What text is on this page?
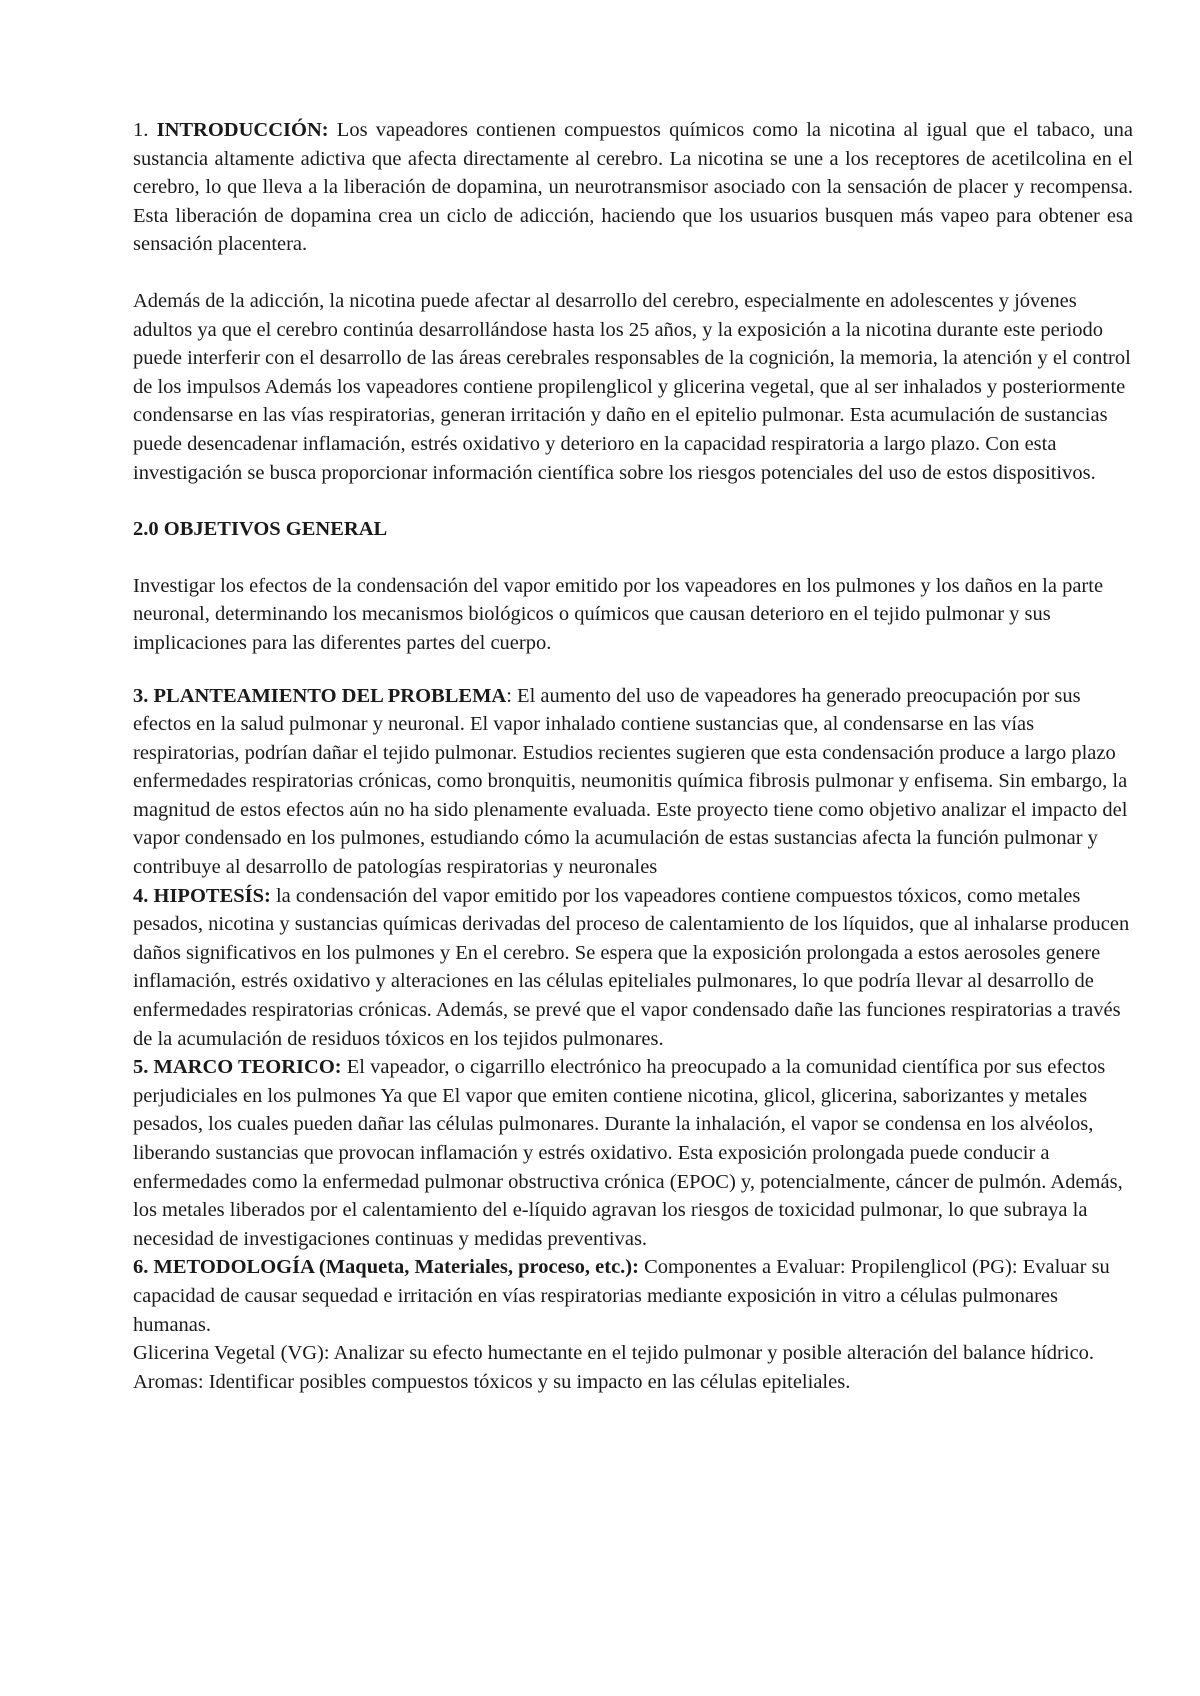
1. INTRODUCCIÓN: Los vapeadores contienen compuestos químicos como la nicotina al igual que el tabaco, una sustancia altamente adictiva que afecta directamente al cerebro. La nicotina se une a los receptores de acetilcolina en el cerebro, lo que lleva a la liberación de dopamina, un neurotransmisor asociado con la sensación de placer y recompensa. Esta liberación de dopamina crea un ciclo de adicción, haciendo que los usuarios busquen más vapeo para obtener esa sensación placentera.

Además de la adicción, la nicotina puede afectar al desarrollo del cerebro, especialmente en adolescentes y jóvenes adultos ya que el cerebro continúa desarrollándose hasta los 25 años, y la exposición a la nicotina durante este periodo puede interferir con el desarrollo de las áreas cerebrales responsables de la cognición, la memoria, la atención y el control de los impulsos Además los vapeadores contiene propilenglicol y glicerina vegetal, que al ser inhalados y posteriormente condensarse en las vías respiratorias, generan irritación y daño en el epitelio pulmonar. Esta acumulación de sustancias puede desencadenar inflamación, estrés oxidativo y deterioro en la capacidad respiratoria a largo plazo. Con esta investigación se busca proporcionar información científica sobre los riesgos potenciales del uso de estos dispositivos.

2.0 OBJETIVOS GENERAL

Investigar los efectos de la condensación del vapor emitido por los vapeadores en los pulmones y los daños en la parte neuronal, determinando los mecanismos biológicos o químicos que causan deterioro en el tejido pulmonar y sus implicaciones para las diferentes partes del cuerpo.

3. PLANTEAMIENTO DEL PROBLEMA: El aumento del uso de vapeadores ha generado preocupación por sus efectos en la salud pulmonar y neuronal. El vapor inhalado contiene sustancias que, al condensarse en las vías respiratorias, podrían dañar el tejido pulmonar. Estudios recientes sugieren que esta condensación produce a largo plazo enfermedades respiratorias crónicas, como bronquitis, neumonitis química fibrosis pulmonar y enfisema. Sin embargo, la magnitud de estos efectos aún no ha sido plenamente evaluada. Este proyecto tiene como objetivo analizar el impacto del vapor condensado en los pulmones, estudiando cómo la acumulación de estas sustancias afecta la función pulmonar y contribuye al desarrollo de patologías respiratorias y neuronales

4. HIPOTESÍS: la condensación del vapor emitido por los vapeadores contiene compuestos tóxicos, como metales pesados, nicotina y sustancias químicas derivadas del proceso de calentamiento de los líquidos, que al inhalarse producen daños significativos en los pulmones y En el cerebro. Se espera que la exposición prolongada a estos aerosoles genere inflamación, estrés oxidativo y alteraciones en las células epiteliales pulmonares, lo que podría llevar al desarrollo de enfermedades respiratorias crónicas. Además, se prevé que el vapor condensado dañe las funciones respiratorias a través de la acumulación de residuos tóxicos en los tejidos pulmonares.

5. MARCO TEORICO: El vapeador, o cigarrillo electrónico ha preocupado a la comunidad científica por sus efectos perjudiciales en los pulmones Ya que El vapor que emiten contiene nicotina, glicol, glicerina, saborizantes y metales pesados, los cuales pueden dañar las células pulmonares. Durante la inhalación, el vapor se condensa en los alvéolos, liberando sustancias que provocan inflamación y estrés oxidativo. Esta exposición prolongada puede conducir a enfermedades como la enfermedad pulmonar obstructiva crónica (EPOC) y, potencialmente, cáncer de pulmón. Además, los metales liberados por el calentamiento del e-líquido agravan los riesgos de toxicidad pulmonar, lo que subraya la necesidad de investigaciones continuas y medidas preventivas.

6. METODOLOGÍA (Maqueta, Materiales, proceso, etc.): Componentes a Evaluar: Propilenglicol (PG): Evaluar su capacidad de causar sequedad e irritación en vías respiratorias mediante exposición in vitro a células pulmonares humanas.

Glicerina Vegetal (VG): Analizar su efecto humectante en el tejido pulmonar y posible alteración del balance hídrico.

Aromas: Identificar posibles compuestos tóxicos y su impacto en las células epiteliales.
